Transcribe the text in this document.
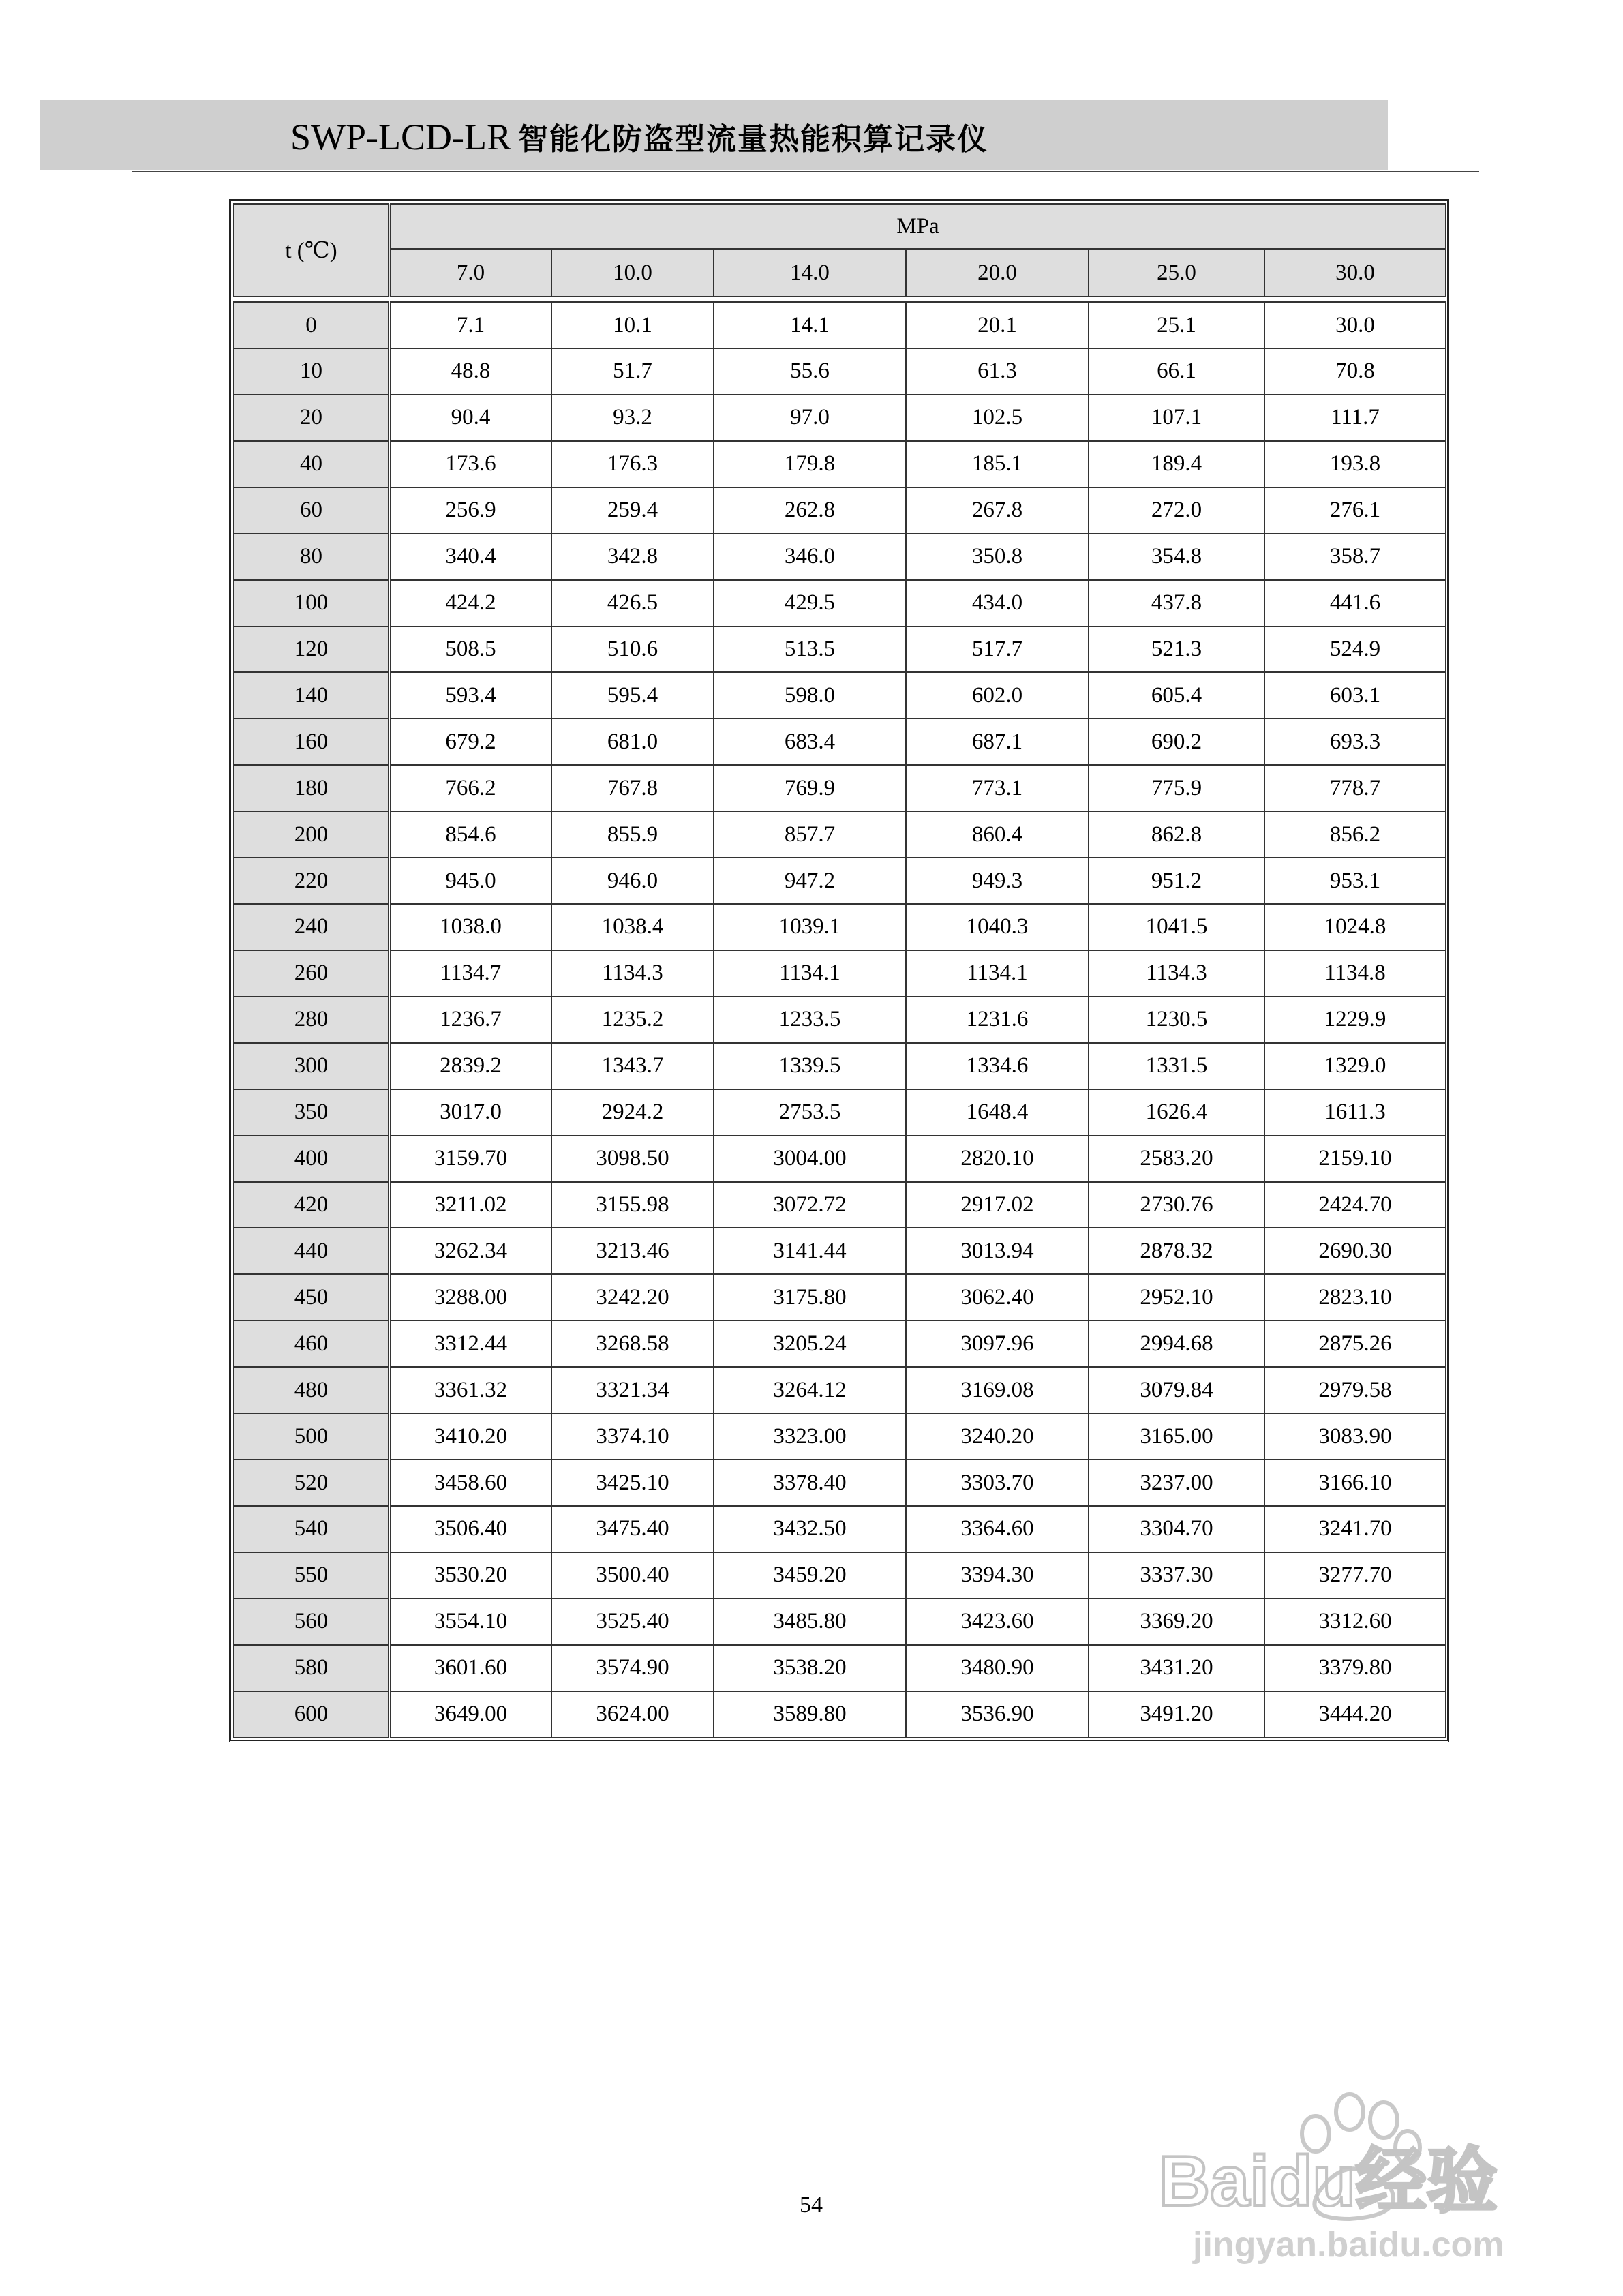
SWP-LCD-LR 智能化防盗型流量热能积算记录仪
t (℃)	MPa					
	7.0	10.0	14.0	20.0	25.0	30.0

0	7.1	10.1	14.1	20.1	25.1	30.0
10	48.8	51.7	55.6	61.3	66.1	70.8
20	90.4	93.2	97.0	102.5	107.1	111.7
40	173.6	176.3	179.8	185.1	189.4	193.8
60	256.9	259.4	262.8	267.8	272.0	276.1
80	340.4	342.8	346.0	350.8	354.8	358.7
100	424.2	426.5	429.5	434.0	437.8	441.6
120	508.5	510.6	513.5	517.7	521.3	524.9
140	593.4	595.4	598.0	602.0	605.4	603.1
160	679.2	681.0	683.4	687.1	690.2	693.3
180	766.2	767.8	769.9	773.1	775.9	778.7
200	854.6	855.9	857.7	860.4	862.8	856.2
220	945.0	946.0	947.2	949.3	951.2	953.1
240	1038.0	1038.4	1039.1	1040.3	1041.5	1024.8
260	1134.7	1134.3	1134.1	1134.1	1134.3	1134.8
280	1236.7	1235.2	1233.5	1231.6	1230.5	1229.9
300	2839.2	1343.7	1339.5	1334.6	1331.5	1329.0
350	3017.0	2924.2	2753.5	1648.4	1626.4	1611.3
400	3159.70	3098.50	3004.00	2820.10	2583.20	2159.10
420	3211.02	3155.98	3072.72	2917.02	2730.76	2424.70
440	3262.34	3213.46	3141.44	3013.94	2878.32	2690.30
450	3288.00	3242.20	3175.80	3062.40	2952.10	2823.10
460	3312.44	3268.58	3205.24	3097.96	2994.68	2875.26
480	3361.32	3321.34	3264.12	3169.08	3079.84	2979.58
500	3410.20	3374.10	3323.00	3240.20	3165.00	3083.90
520	3458.60	3425.10	3378.40	3303.70	3237.00	3166.10
540	3506.40	3475.40	3432.50	3364.60	3304.70	3241.70
550	3530.20	3500.40	3459.20	3394.30	3337.30	3277.70
560	3554.10	3525.40	3485.80	3423.60	3369.20	3312.60
580	3601.60	3574.90	3538.20	3480.90	3431.20	3379.80
600	3649.00	3624.00	3589.80	3536.90	3491.20	3444.20
54	Baidu经验
jingyan.baidu.com
